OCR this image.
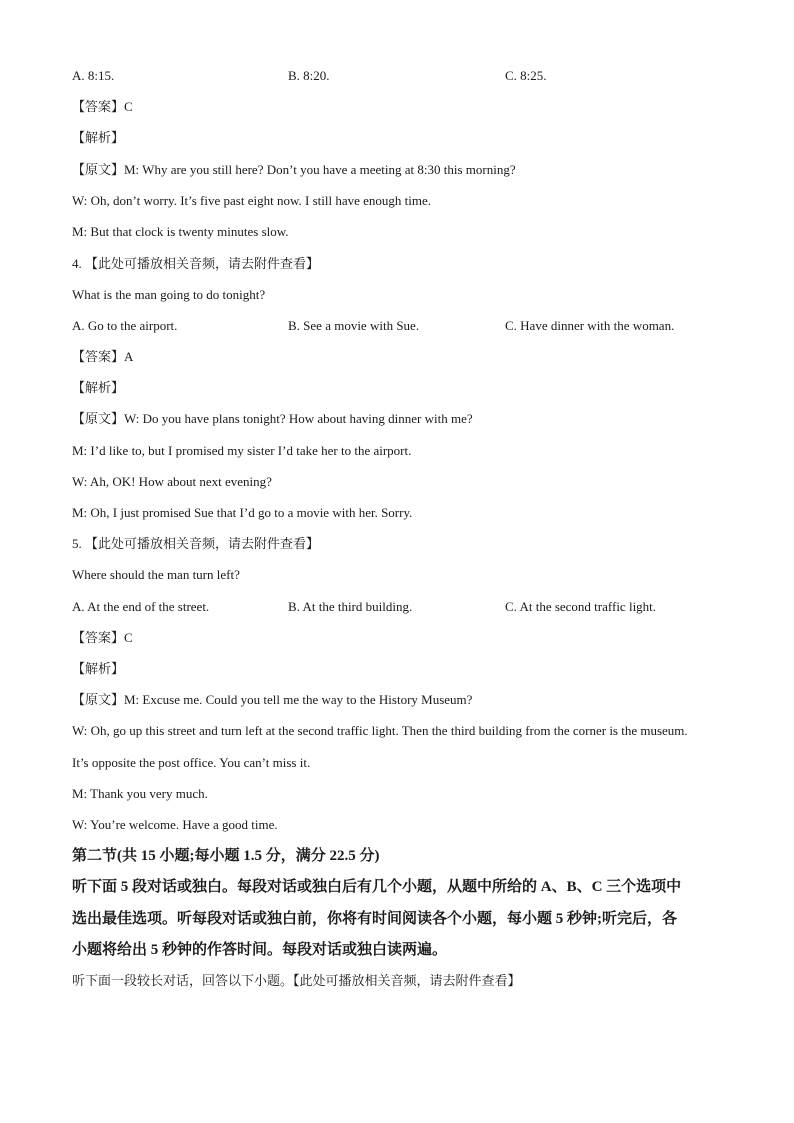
A. 8:15.	B. 8:20.	C. 8:25.
【答案】C
【解析】
【原文】M: Why are you still here? Don’t you have a meeting at 8:30 this morning?
W: Oh, don’t worry. It’s five past eight now. I still have enough time.
M: But that clock is twenty minutes slow.
4. 【此处可播放相关音频，请去附件查看】
What is the man going to do tonight?
A. Go to the airport.	B. See a movie with Sue.	C. Have dinner with the woman.
【答案】A
【解析】
【原文】W: Do you have plans tonight? How about having dinner with me?
M: I’d like to, but I promised my sister I’d take her to the airport.
W: Ah, OK! How about next evening?
M: Oh, I just promised Sue that I’d go to a movie with her. Sorry.
5. 【此处可播放相关音频，请去附件查看】
Where should the man turn left?
A. At the end of the street.	B. At the third building.	C. At the second traffic light.
【答案】C
【解析】
【原文】M: Excuse me. Could you tell me the way to the History Museum?
W: Oh, go up this street and turn left at the second traffic light. Then the third building from the corner is the museum.
It’s opposite the post office. You can’t miss it.
M: Thank you very much.
W: You’re welcome. Have a good time.
第二节(共 15 小题;每小题 1.5 分，满分 22.5 分)
听下面 5 段对话或独白。每段对话或独白后有几个小题，从题中所给的 A、B、C 三个选项中
选出最佳选项。听每段对话或独白前，你将有时间阅读各个小题，每小题 5 秒钟;听完后，各
小题将给出 5 秒钟的作答时间。每段对话或独白读两遍。
听下面一段较长对话，回答以下小题。【此处可播放相关音频，请去附件查看】
